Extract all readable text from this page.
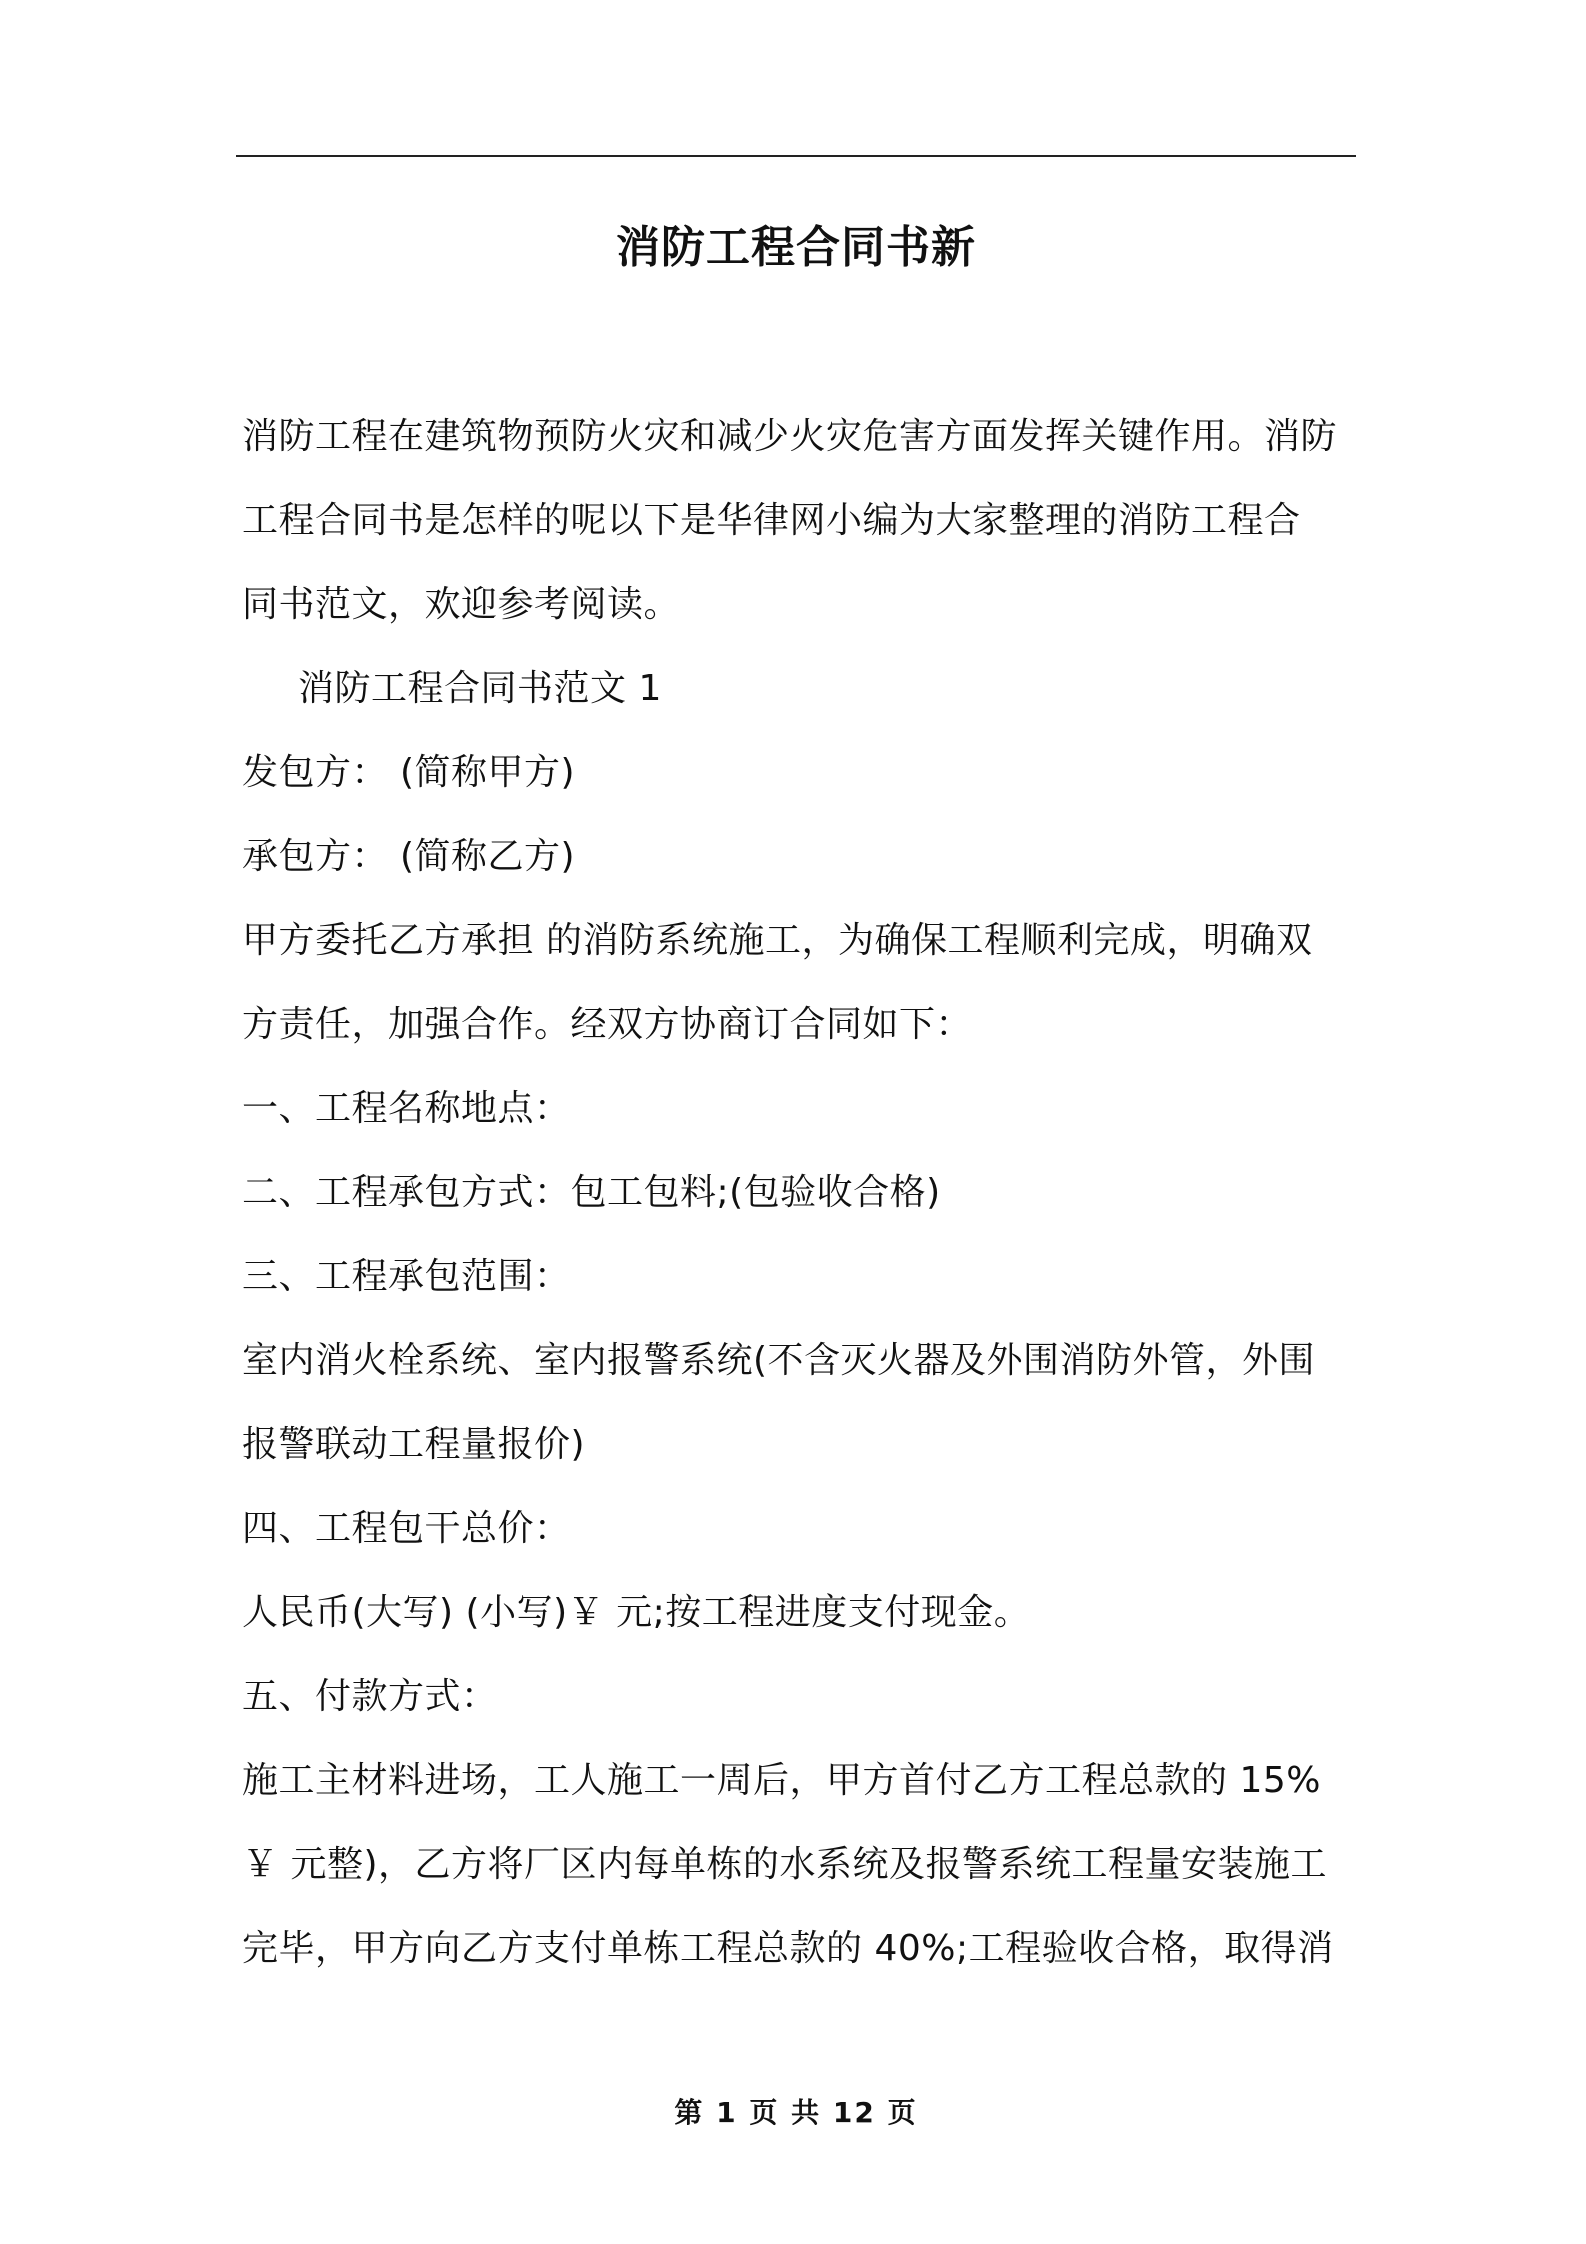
消防工程合同书新
消防工程在建筑物预防火灾和减少火灾危害方面发挥关键作用。消防
工程合同书是怎样的呢以下是华律网小编为大家整理的消防工程合
同书范文，欢迎参考阅读。
消防工程合同书范文 1
发包方： (简称甲方)
承包方： (简称乙方)
甲方委托乙方承担 的消防系统施工，为确保工程顺利完成，明确双
方责任，加强合作。经双方协商订合同如下：
一、工程名称地点：
二、工程承包方式：包工包料;(包验收合格)
三、工程承包范围：
室内消火栓系统、室内报警系统(不含灭火器及外围消防外管，外围
报警联动工程量报价)
四、工程包干总价：
人民币(大写) (小写)￥ 元;按工程进度支付现金。
五、付款方式：
施工主材料进场，工人施工一周后，甲方首付乙方工程总款的 15%
￥ 元整)，乙方将厂区内每单栋的水系统及报警系统工程量安装施工
完毕，甲方向乙方支付单栋工程总款的 40%;工程验收合格，取得消
第 1 页 共 12 页
